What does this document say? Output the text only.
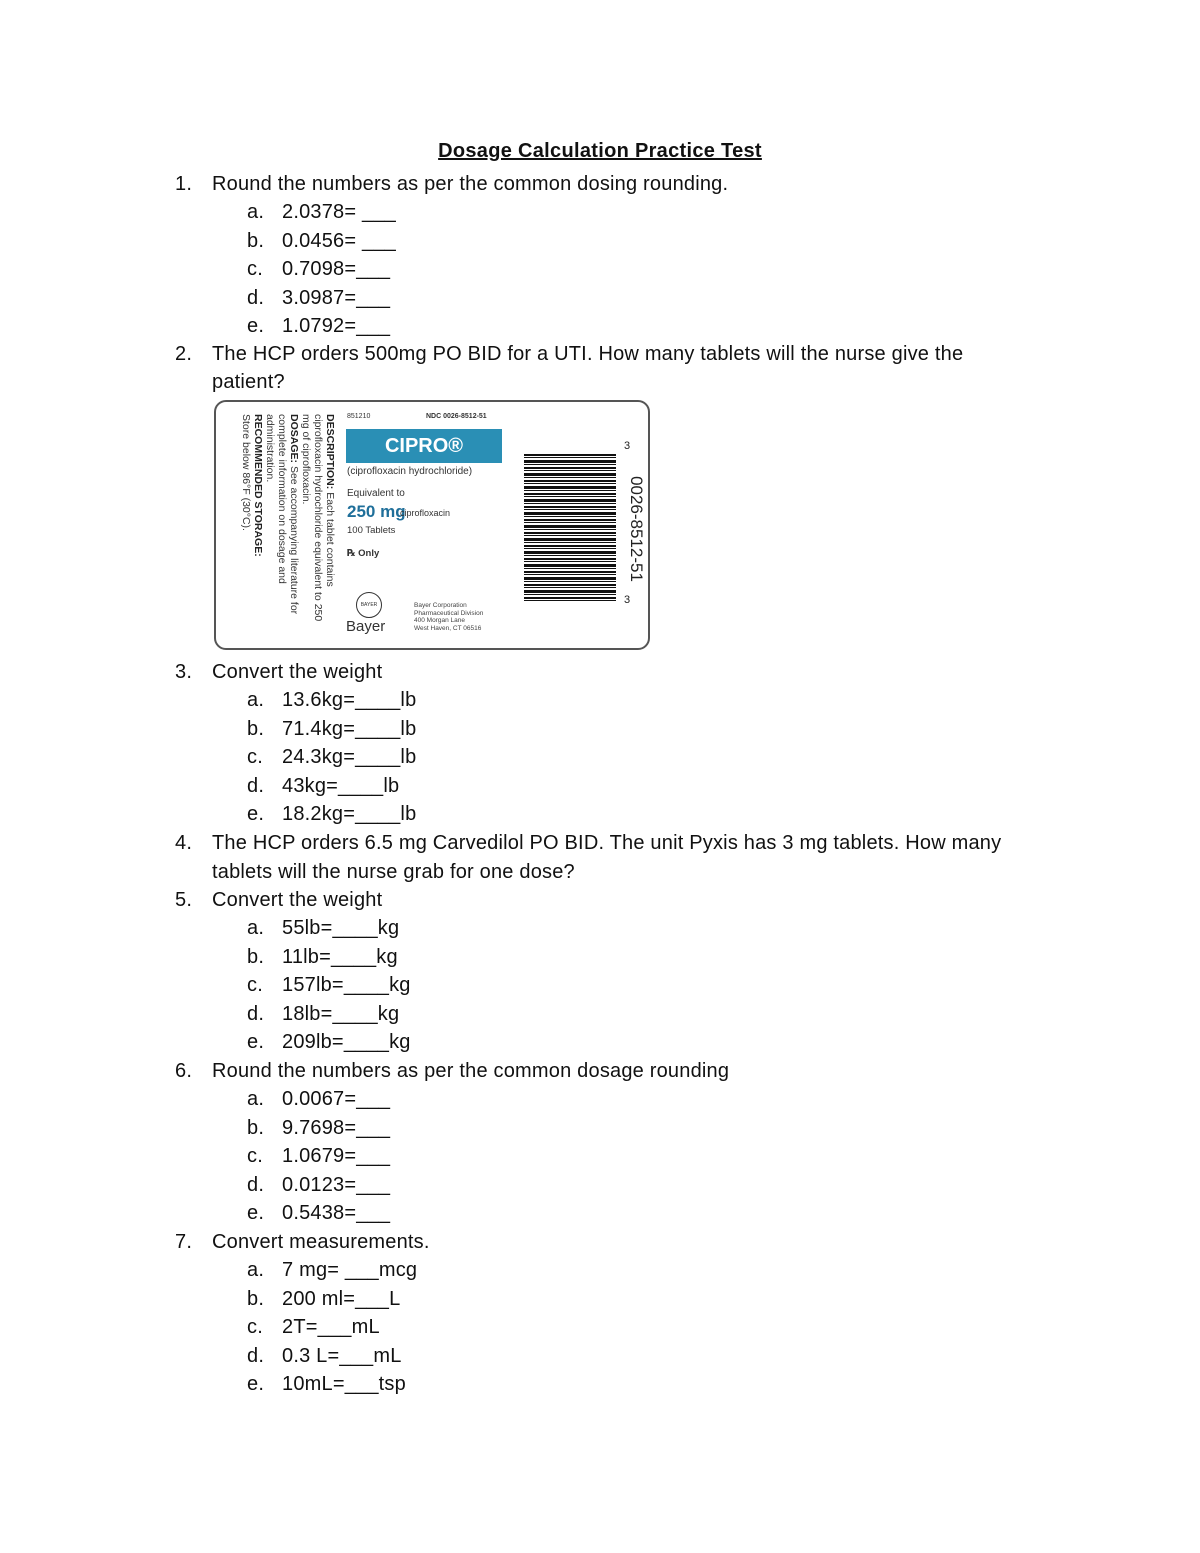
Dosage Calculation Practice Test
1. Round the numbers as per the common dosing rounding.
a. 2.0378= ___
b. 0.0456= ___
c. 0.7098=___
d. 3.0987=___
e. 1.0792=___
2. The HCP orders 500mg PO BID for a UTI. How many tablets will the nurse give the
patient?
3. Convert the weight
a. 13.6kg=____lb
b. 71.4kg=____lb
c. 24.3kg=____lb
d. 43kg=____lb
e. 18.2kg=____lb
4. The HCP orders 6.5 mg Carvedilol PO BID. The unit Pyxis has 3 mg tablets. How many
tablets will the nurse grab for one dose?
5. Convert the weight
a. 55lb=____kg
b. 11lb=____kg
c. 157lb=____kg
d. 18lb=____kg
e. 209lb=____kg
6. Round the numbers as per the common dosage rounding
a. 0.0067=___
b. 9.7698=___
c. 1.0679=___
d. 0.0123=___
e. 0.5438=___
7. Convert measurements.
a. 7 mg= ___mcg
b. 200 ml=___L
c. 2T=___mL
d. 0.3 L=___mL
e. 10mL=___tsp

DESCRIPTION: Each tablet contains ciprofloxacin hydrochloride equivalent to 250 mg of ciprofloxacin.

DOSAGE: See accompanying literature for complete information on dosage and administration.

RECOMMENDED STORAGE:

Store below 86°F (30°C).	851210	NDC 0026-8512-51
CIPRO®
(ciprofloxacin hydrochloride)
Equivalent to
250 mg
ciprofloxacin
100 Tablets
℞ Only
BAYER
Bayer
Bayer Corporation
Pharmaceutical Division
400 Morgan Lane
West Haven, CT 06516
0026-8512-51
3
3
